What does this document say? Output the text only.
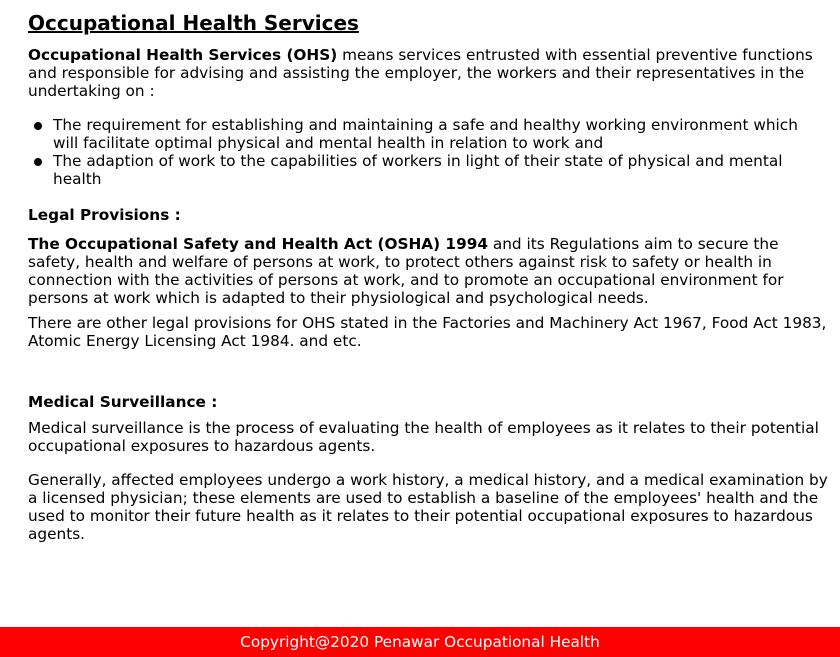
Occupational Health Services

Occupational Health Services (OHS) means services entrusted with essential preventive functions and responsible for advising and assisting the employer, the workers and their representatives in the undertaking on :

The requirement for establishing and maintaining a safe and healthy working environment which will facilitate optimal physical and mental health in relation to work and
The adaption of work to the capabilities of workers in light of their state of physical and mental health

Legal Provisions :

The Occupational Safety and Health Act (OSHA) 1994 and its Regulations aim to secure the safety, health and welfare of persons at work, to protect others against risk to safety or health in connection with the activities of persons at work, and to promote an occupational environment for persons at work which is adapted to their physiological and psychological needs.

There are other legal provisions for OHS stated in the Factories and Machinery Act 1967, Food Act 1983, Atomic Energy Licensing Act 1984. and etc.

Medical Surveillance :

Medical surveillance is the process of evaluating the health of employees as it relates to their potential occupational exposures to hazardous agents.

Generally, affected employees undergo a work history, a medical history, and a medical examination by a licensed physician; these elements are used to establish a baseline of the employees' health and the used to monitor their future health as it relates to their potential occupational exposures to hazardous agents.

Copyright@2020 Penawar Occupational Health
